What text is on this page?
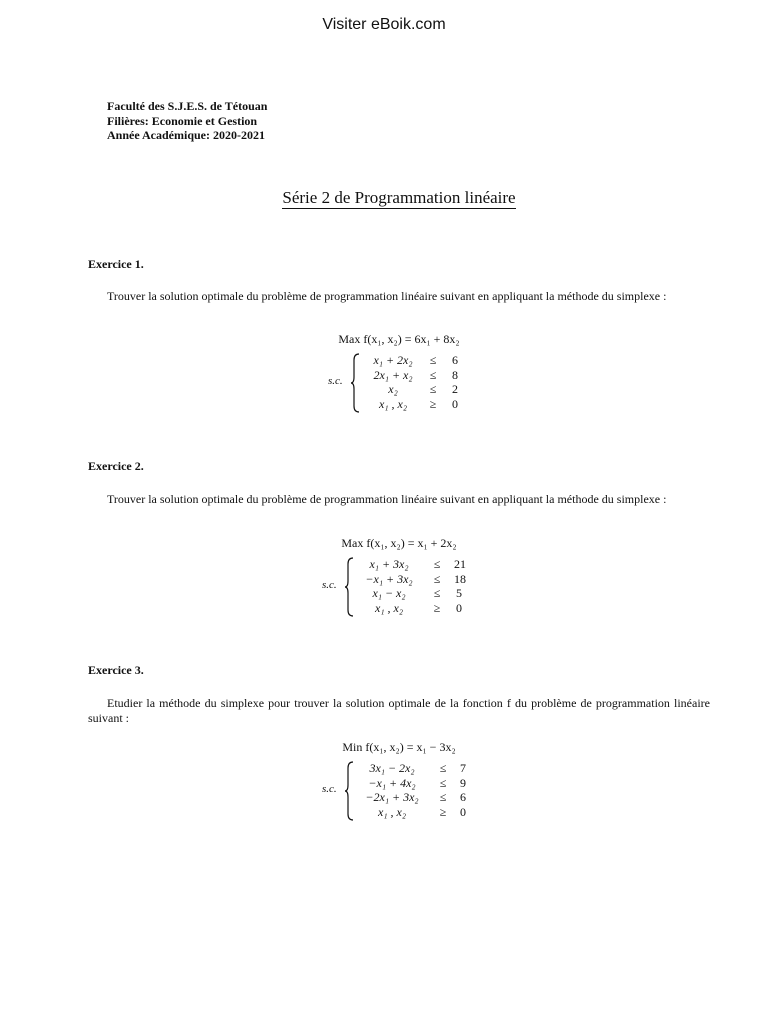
Visiter eBoik.com
Faculté des S.J.E.S. de Tétouan
Filières: Economie et Gestion
Année Académique: 2020-2021
Série 2 de Programmation linéaire
Exercice 1.
Trouver la solution optimale du problème de programmation linéaire suivant en appliquant la méthode du simplexe :
Max f(x₁, x₂) = 6x₁ + 8x₂
s.c.
x₁ + 2x₂	≤	6
2x₁ + x₂	≤	8
x₂	≤	2
x₁ , x₂	≥	0
Exercice 2.
Trouver la solution optimale du problème de programmation linéaire suivant en appliquant la méthode du simplexe :
Max f(x₁, x₂) = x₁ + 2x₂
s.c.
x₁ + 3x₂	≤	21
−x₁ + 3x₂	≤	18
x₁ − x₂	≤	5
x₁ , x₂	≥	0
Exercice 3.
Etudier la méthode du simplexe pour trouver la solution optimale de la fonction f du problème de programmation linéaire suivant :
Min f(x₁, x₂) = x₁ − 3x₂
s.c.
3x₁ − 2x₂	≤	7
−x₁ + 4x₂	≤	9
−2x₁ + 3x₂	≤	6
x₁ , x₂	≥	0
